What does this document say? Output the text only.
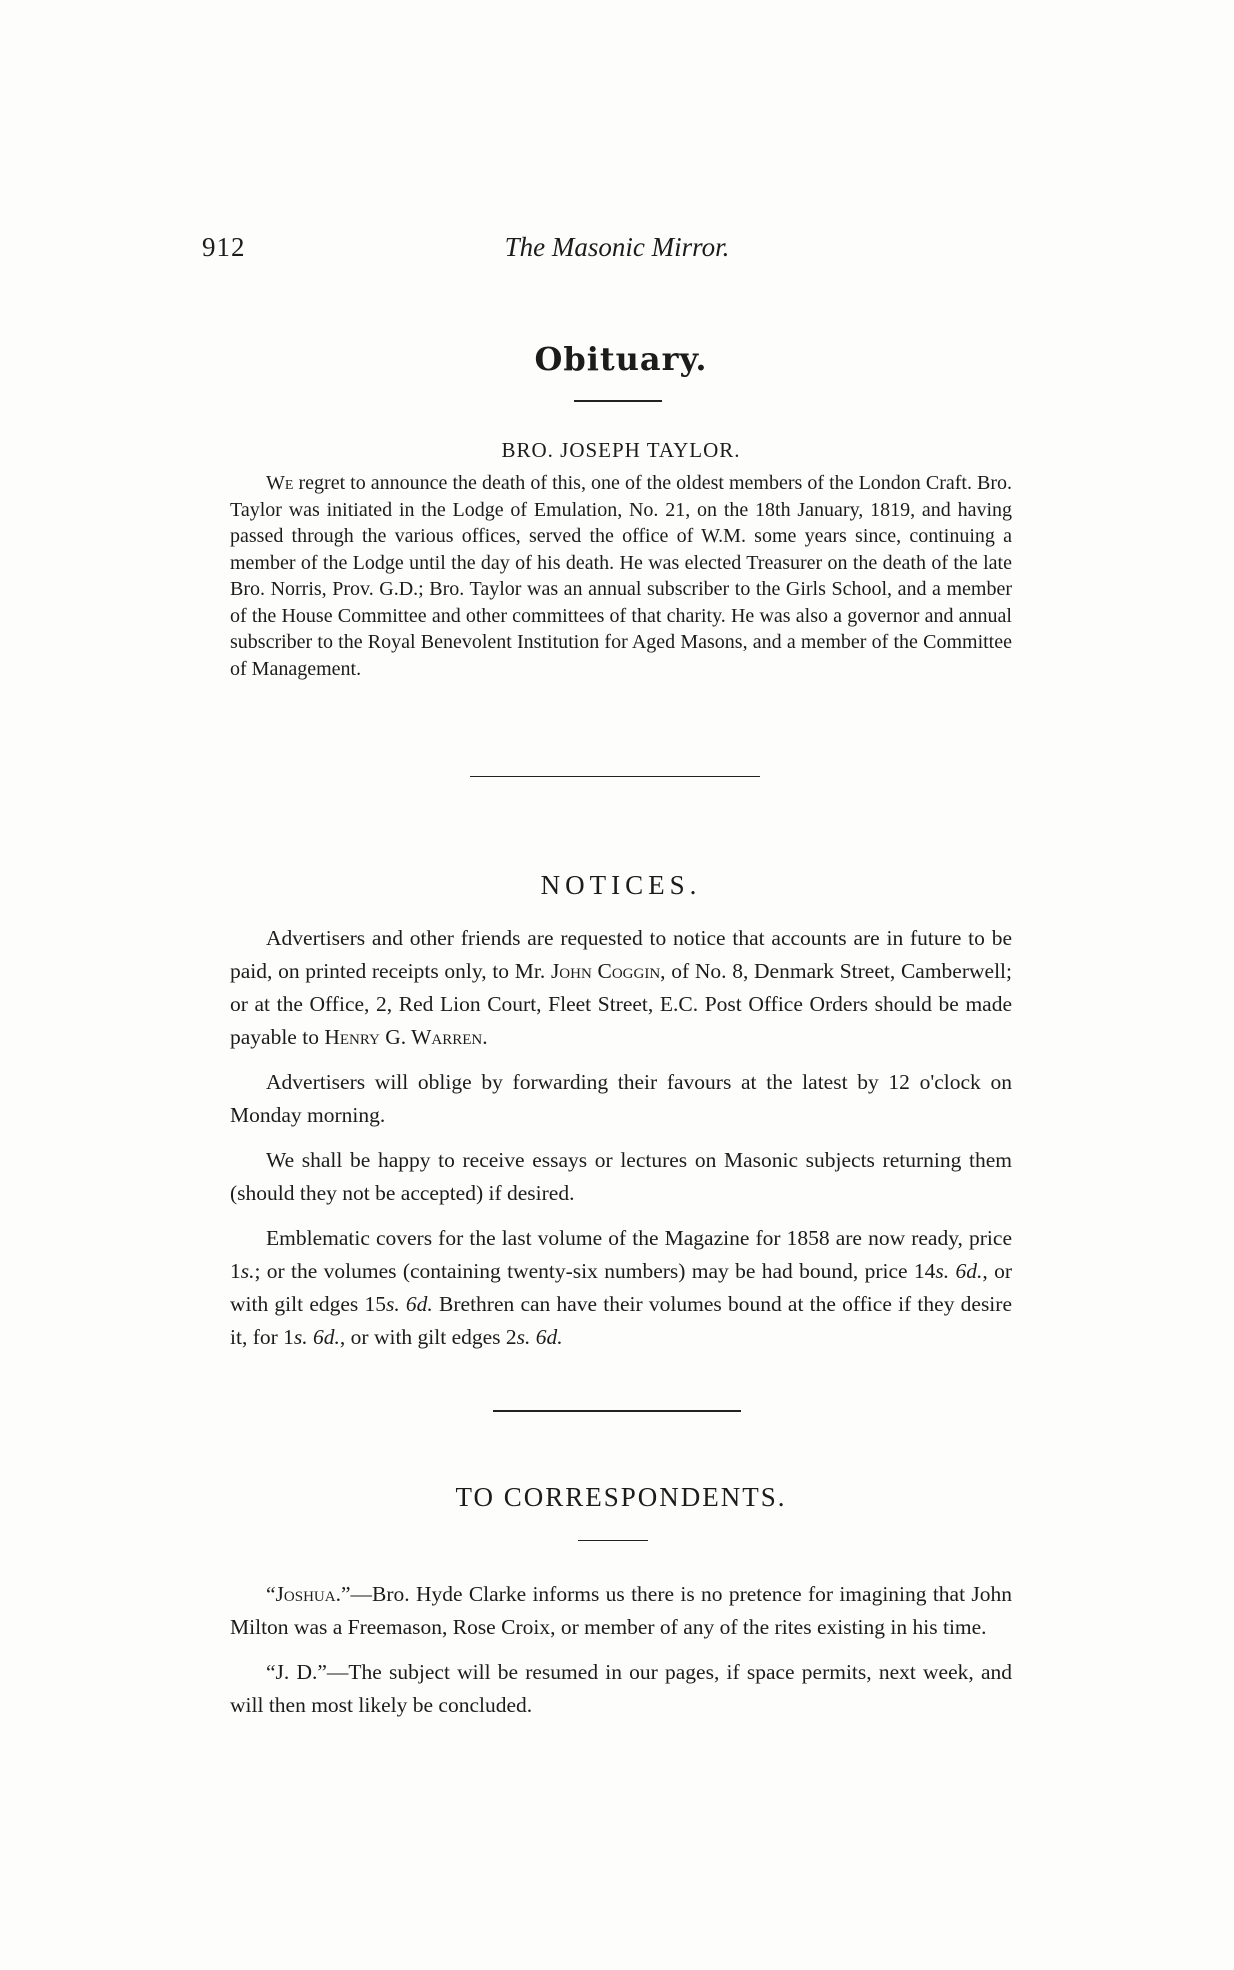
912	The Masonic Mirror.
Obituary.
BRO. JOSEPH TAYLOR.

We regret to announce the death of this, one of the oldest members of the London Craft. Bro. Taylor was initiated in the Lodge of Emulation, No. 21, on the 18th January, 1819, and having passed through the various offices, served the office of W.M. some years since, continuing a member of the Lodge until the day of his death. He was elected Treasurer on the death of the late Bro. Norris, Prov. G.D.; Bro. Taylor was an annual subscriber to the Girls School, and a member of the House Committee and other committees of that charity. He was also a governor and annual subscriber to the Royal Benevolent Institution for Aged Masons, and a member of the Committee of Management.

NOTICES.

Advertisers and other friends are requested to notice that accounts are in future to be paid, on printed receipts only, to Mr. John Coggin, of No. 8, Denmark Street, Camberwell; or at the Office, 2, Red Lion Court, Fleet Street, E.C. Post Office Orders should be made payable to Henry G. Warren.

Advertisers will oblige by forwarding their favours at the latest by 12 o'clock on Monday morning.

We shall be happy to receive essays or lectures on Masonic subjects returning them (should they not be accepted) if desired.

Emblematic covers for the last volume of the Magazine for 1858 are now ready, price 1s.; or the volumes (containing twenty-six numbers) may be had bound, price 14s. 6d., or with gilt edges 15s. 6d. Brethren can have their volumes bound at the office if they desire it, for 1s. 6d., or with gilt edges 2s. 6d.

TO CORRESPONDENTS.

“Joshua.”—Bro. Hyde Clarke informs us there is no pretence for imagining that John Milton was a Freemason, Rose Croix, or member of any of the rites existing in his time.

“J. D.”—The subject will be resumed in our pages, if space permits, next week, and will then most likely be concluded.
